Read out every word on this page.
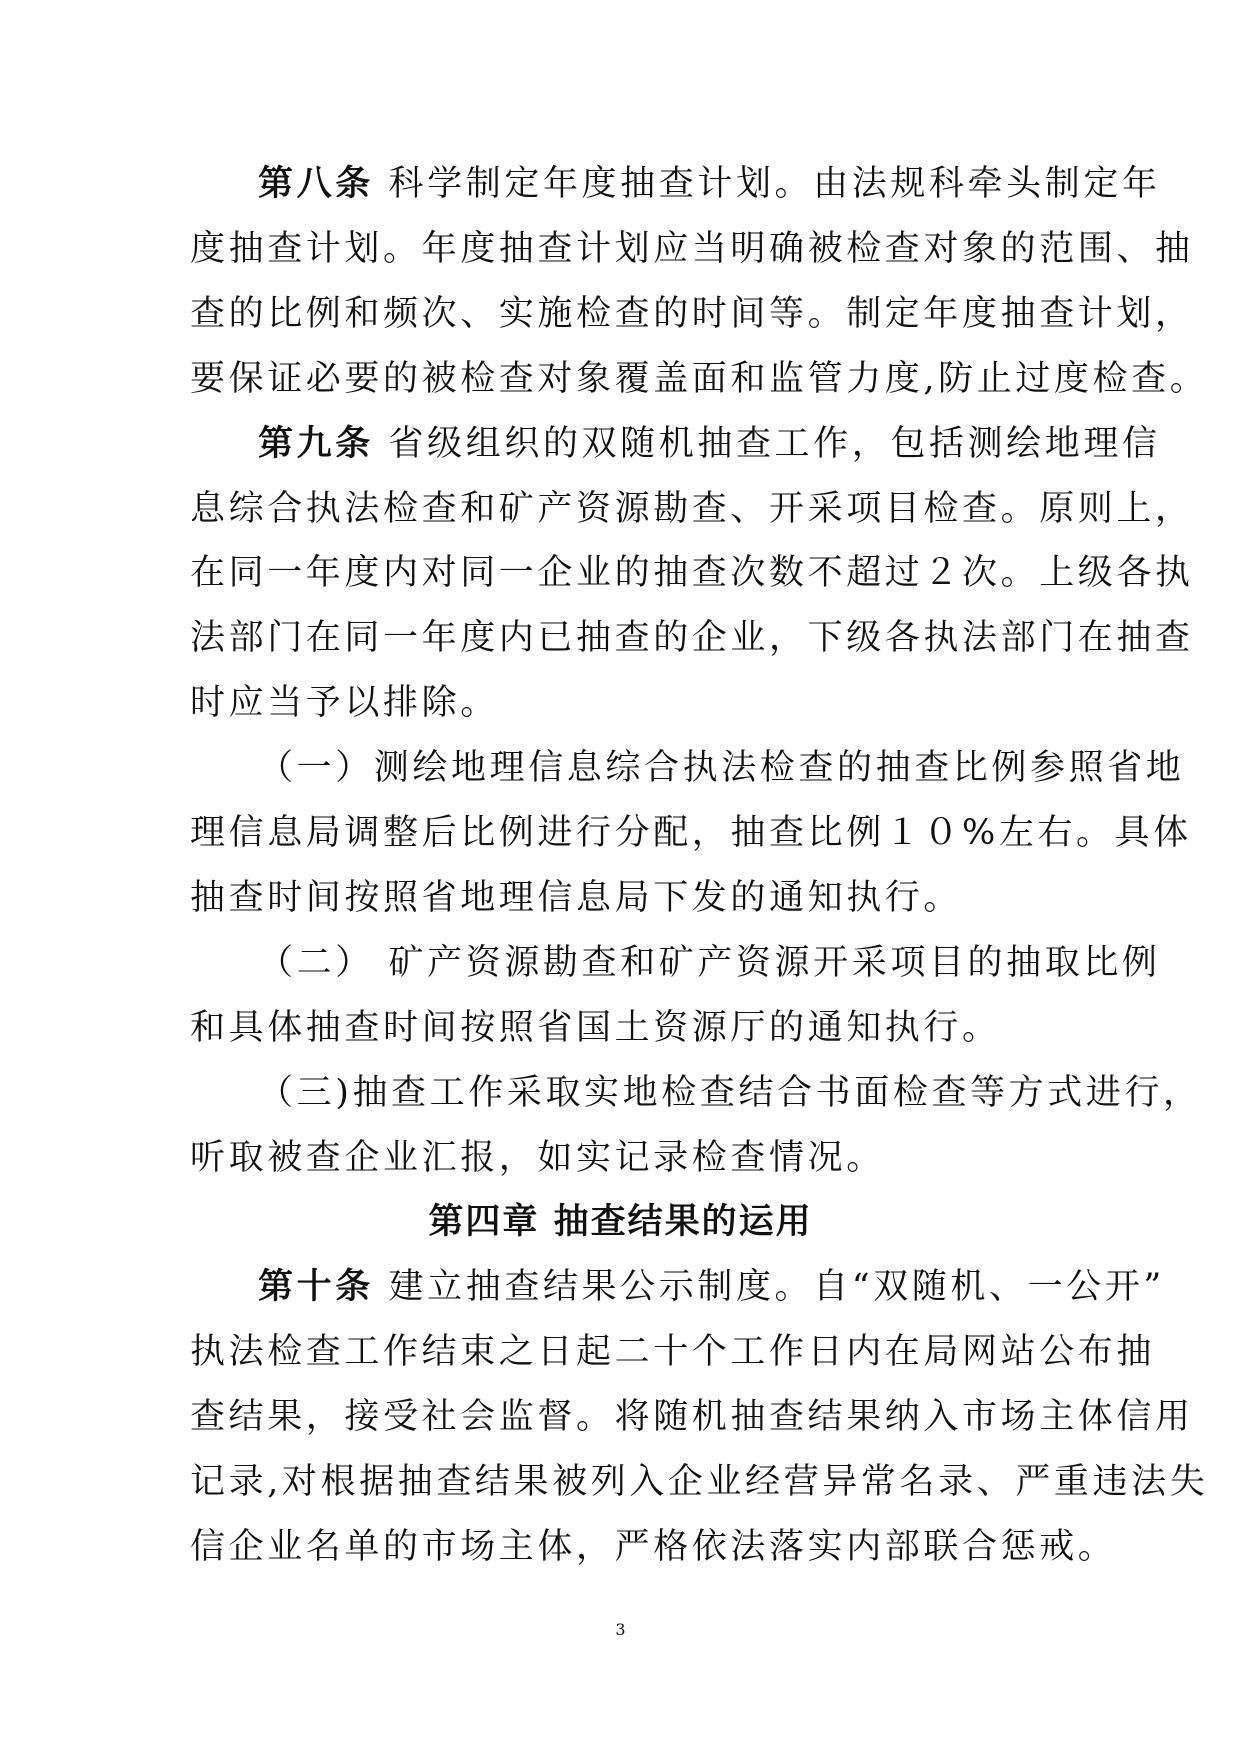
第八条 科学制定年度抽查计划。由法规科牵头制定年
度抽查计划。年度抽查计划应当明确被检查对象的范围、抽
查的比例和频次、实施检查的时间等。制定年度抽查计划，
要保证必要的被检查对象覆盖面和监管力度,防止过度检查。
第九条 省级组织的双随机抽查工作，包括测绘地理信
息综合执法检查和矿产资源勘查、开采项目检查。原则上，
在同一年度内对同一企业的抽查次数不超过２次。上级各执
法部门在同一年度内已抽查的企业，下级各执法部门在抽查
时应当予以排除。
（一）测绘地理信息综合执法检查的抽查比例参照省地
理信息局调整后比例进行分配，抽查比例１０%左右。具体
抽查时间按照省地理信息局下发的通知执行。
（二） 矿产资源勘查和矿产资源开采项目的抽取比例
和具体抽查时间按照省国土资源厅的通知执行。
（三)抽查工作采取实地检查结合书面检查等方式进行，
听取被查企业汇报，如实记录检查情况。
第四章 抽查结果的运用
第十条 建立抽查结果公示制度。自“双随机、一公开”
执法检查工作结束之日起二十个工作日内在局网站公布抽
查结果，接受社会监督。将随机抽查结果纳入市场主体信用
记录,对根据抽查结果被列入企业经营异常名录、严重违法失
信企业名单的市场主体，严格依法落实内部联合惩戒。
3
